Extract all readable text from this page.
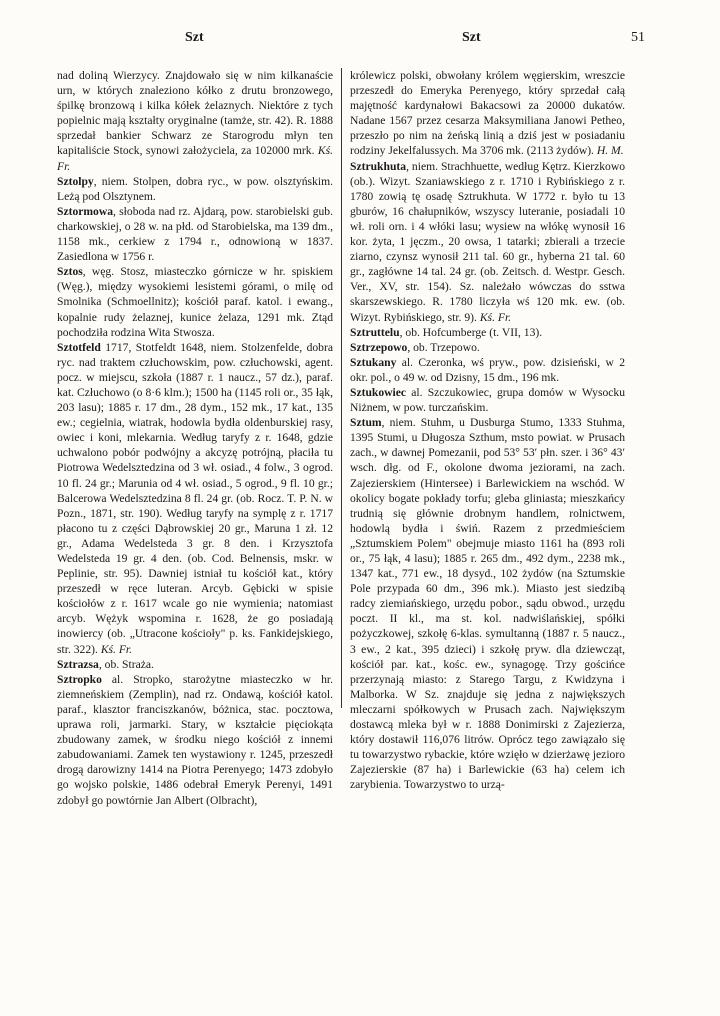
Szt	Szt	51

nad doliną Wierzycy. Znajdowało się w nim kilkanaście urn, w których znaleziono kółko z drutu bronzowego, śpilkę bronzową i kilka kółek żelaznych. Niektóre z tych popielnic mają kształty oryginalne (tamże, str. 42). R. 1888 sprzedał bankier Schwarz ze Starogrodu młyn ten kapitaliście Stock, synowi założyciela, za 102000 mrk. Kś. Fr.

Sztolpy, niem. Stolpen, dobra ryc., w pow. olsztyńskim. Leżą pod Olsztynem.

Sztormowa, słoboda nad rz. Ajdarą, pow. starobielski gub. charkowskiej, o 28 w. na płd. od Starobielska, ma 139 dm., 1158 mk., cerkiew z 1794 r., odnowioną w 1837. Zasiedlona w 1756 r.

Sztos, węg. Stosz, miasteczko górnicze w hr. spiskiem (Węg.), między wysokiemi lesistemi górami, o milę od Smolnika (Schmoellnitz); kościół paraf. katol. i ewang., kopalnie rudy żelaznej, kunice żelaza, 1291 mk. Ztąd pochodziła rodzina Wita Stwosza.

Sztotfeld 1717, Stotfeldt 1648, niem. Stolzenfelde, dobra ryc. nad traktem człuchowskim, pow. człuchowski, agent. pocz. w miejscu, szkoła (1887 r. 1 naucz., 57 dz.), paraf. kat. Człuchowo (o 8·6 klm.); 1500 ha (1145 roli or., 35 łąk, 203 lasu); 1885 r. 17 dm., 28 dym., 152 mk., 17 kat., 135 ew.; cegielnia, wiatrak, hodowla bydła oldenburskiej rasy, owiec i koni, mlekarnia. Według taryfy z r. 1648, gdzie uchwalono pobór podwójny a akcyzę potrójną, płaciła tu Piotrowa Wedelsztedzina od 3 wł. osiad., 4 folw., 3 ogrod. 10 fl. 24 gr.; Marunia od 4 wł. osiad., 5 ogrod., 9 fl. 10 gr.; Balcerowa Wedelsztedzina 8 fl. 24 gr. (ob. Rocz. T. P. N. w Pozn., 1871, str. 190). Według taryfy na symplę z r. 1717 płacono tu z części Dąbrowskiej 20 gr., Maruna 1 zł. 12 gr., Adama Wedelsteda 3 gr. 8 den. i Krzysztofa Wedelsteda 19 gr. 4 den. (ob. Cod. Belnensis, mskr. w Peplinie, str. 95). Dawniej istniał tu kościół kat., który przeszedł w ręce luteran. Arcyb. Gębicki w spisie kościołów z r. 1617 wcale go nie wymienia; natomiast arcyb. Wężyk wspomina r. 1628, że go posiadają inowiercy (ob. „Utracone kościoły" p. ks. Fankidejskiego, str. 322). Kś. Fr.

Sztrazsa, ob. Straża.

Sztropko al. Stropko, starożytne miasteczko w hr. ziemneńskiem (Zemplin), nad rz. Ondawą, kościół katol. paraf., klasztor franciszkanów, bóżnica, stac. pocztowa, uprawa roli, jarmarki. Stary, w kształcie pięciokąta zbudowany zamek, w środku niego kościół z innemi zabudowaniami. Zamek ten wystawiony r. 1245, przeszedł drogą darowizny 1414 na Piotra Perenyego; 1473 zdobyło go wojsko polskie, 1486 odebrał Emeryk Perenyi, 1491 zdobył go powtórnie Jan Albert (Olbracht),

królewicz polski, obwołany królem węgierskim, wreszcie przeszedł do Emeryka Perenyego, który sprzedał całą majętność kardynałowi Bakacsowi za 20000 dukatów. Nadane 1567 przez cesarza Maksymiliana Janowi Petheo, przeszło po nim na żeńską linią a dziś jest w posiadaniu rodziny Jekelfalussych. Ma 3706 mk. (2113 żydów). H. M.

Sztrukhuta, niem. Strachhuette, według Kętrz. Kierzkowo (ob.). Wizyt. Szaniawskiego z r. 1710 i Rybińskiego z r. 1780 zowią tę osadę Sztrukhuta. W 1772 r. było tu 13 gburów, 16 chałupników, wszyscy luteranie, posiadali 10 wł. roli orn. i 4 włóki lasu; wysiew na włókę wynosił 16 kor. żyta, 1 jęczm., 20 owsa, 1 tatarki; zbierali a trzecie ziarno, czynsz wynosił 211 tal. 60 gr., hyberna 21 tal. 60 gr., zagłówne 14 tal. 24 gr. (ob. Zeitsch. d. Westpr. Gesch. Ver., XV, str. 154). Sz. należało wówczas do sstwa skarszewskiego. R. 1780 liczyła wś 120 mk. ew. (ob. Wizyt. Rybińskiego, str. 9). Kś. Fr.

Sztruttelu, ob. Hofcumberge (t. VII, 13).

Sztrzepowo, ob. Trzepowo.

Sztukany al. Czeronka, wś pryw., pow. dzisieński, w 2 okr. pol., o 49 w. od Dzisny, 15 dm., 196 mk.

Sztukowiec al. Szczukowiec, grupa domów w Wysocku Niżnem, w pow. turczańskim.

Sztum, niem. Stuhm, u Dusburga Stumo, 1333 Stuhma, 1395 Stumi, u Długosza Szthum, msto powiat. w Prusach zach., w dawnej Pomezanii, pod 53° 53′ płn. szer. i 36° 43′ wsch. dłg. od F., okolone dwoma jeziorami, na zach. Zajezierskiem (Hintersee) i Barlewickiem na wschód. W okolicy bogate pokłady torfu; gleba gliniasta; mieszkańcy trudnią się głównie drobnym handlem, rolnictwem, hodowlą bydła i świń. Razem z przedmieściem „Sztumskiem Polem" obejmuje miasto 1161 ha (893 roli or., 75 łąk, 4 lasu); 1885 r. 265 dm., 492 dym., 2238 mk., 1347 kat., 771 ew., 18 dysyd., 102 żydów (na Sztumskie Pole przypada 60 dm., 396 mk.). Miasto jest siedzibą radcy ziemiańskiego, urzędu pobor., sądu obwod., urzędu poczt. II kl., ma st. kol. nadwiślańskiej, spółki pożyczkowej, szkołę 6-klas. symultanną (1887 r. 5 naucz., 3 ew., 2 kat., 395 dzieci) i szkołę pryw. dla dziewcząt, kościół par. kat., kośc. ew., synagogę. Trzy gościńce przerzynają miasto: z Starego Targu, z Kwidzyna i Malborka. W Sz. znajduje się jedna z największych mleczarni spółkowych w Prusach zach. Największym dostawcą mleka był w r. 1888 Donimirski z Zajezierza, który dostawił 116,076 litrów. Oprócz tego zawiązało się tu towarzystwo rybackie, które wzięło w dzierżawę jezioro Zajezierskie (87 ha) i Barlewickie (63 ha) celem ich zarybienia. Towarzystwo to urzą-
